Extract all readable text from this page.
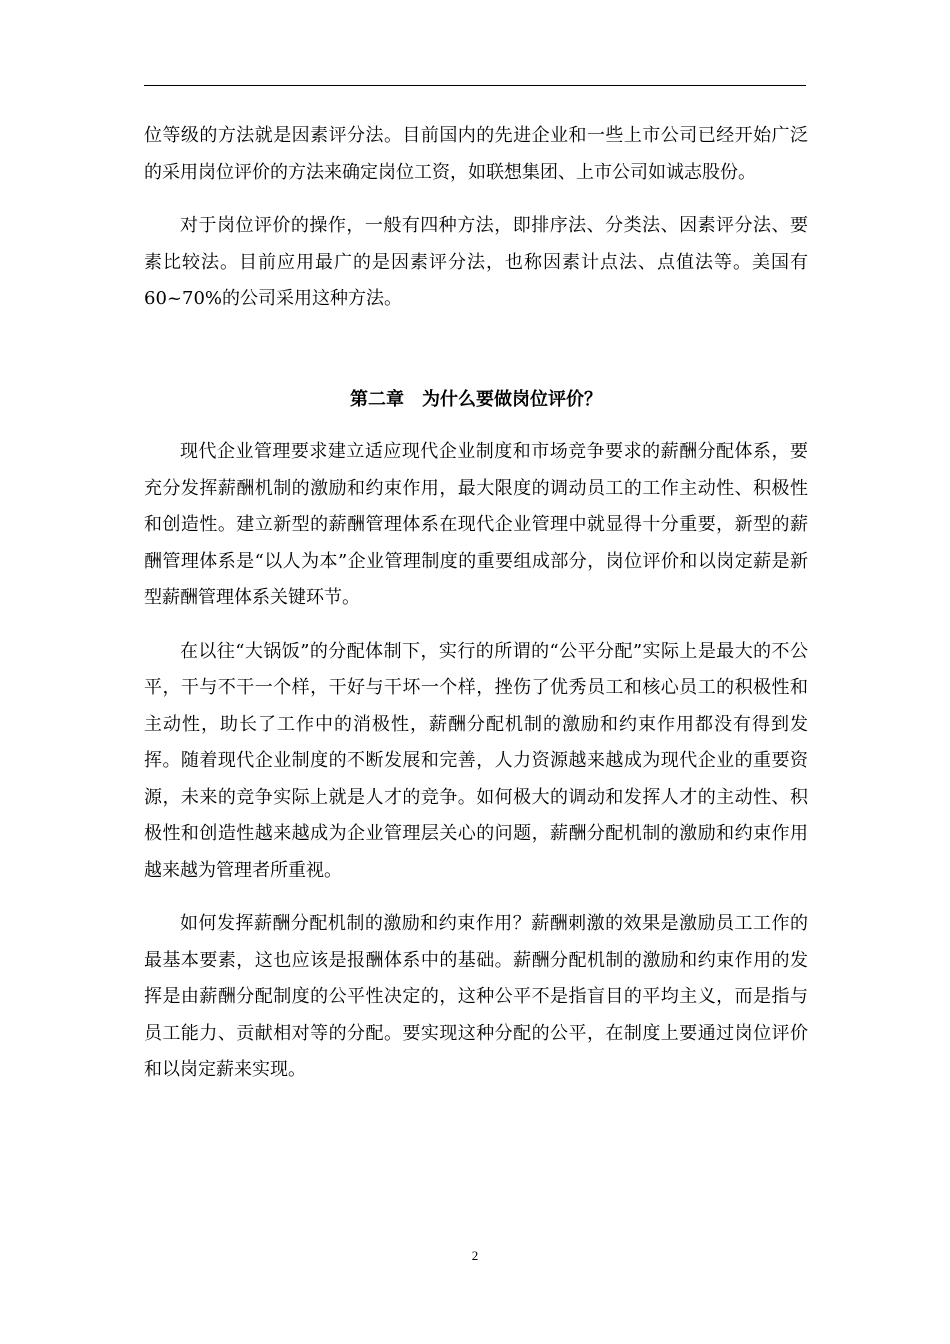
位等级的方法就是因素评分法。目前国内的先进企业和一些上市公司已经开始广泛的采用岗位评价的方法来确定岗位工资，如联想集团、上市公司如诚志股份。

对于岗位评价的操作，一般有四种方法，即排序法、分类法、因素评分法、要素比较法。目前应用最广的是因素评分法，也称因素计点法、点值法等。美国有 60~70%的公司采用这种方法。

第二章　为什么要做岗位评价？

现代企业管理要求建立适应现代企业制度和市场竞争要求的薪酬分配体系，要充分发挥薪酬机制的激励和约束作用，最大限度的调动员工的工作主动性、积极性和创造性。建立新型的薪酬管理体系在现代企业管理中就显得十分重要，新型的薪酬管理体系是“以人为本”企业管理制度的重要组成部分，岗位评价和以岗定薪是新型薪酬管理体系关键环节。

在以往“大锅饭”的分配体制下，实行的所谓的“公平分配”实际上是最大的不公平，干与不干一个样，干好与干坏一个样，挫伤了优秀员工和核心员工的积极性和主动性，助长了工作中的消极性，薪酬分配机制的激励和约束作用都没有得到发挥。随着现代企业制度的不断发展和完善，人力资源越来越成为现代企业的重要资源，未来的竞争实际上就是人才的竞争。如何极大的调动和发挥人才的主动性、积极性和创造性越来越成为企业管理层关心的问题，薪酬分配机制的激励和约束作用越来越为管理者所重视。

如何发挥薪酬分配机制的激励和约束作用？薪酬刺激的效果是激励员工工作的最基本要素，这也应该是报酬体系中的基础。薪酬分配机制的激励和约束作用的发挥是由薪酬分配制度的公平性决定的，这种公平不是指盲目的平均主义，而是指与员工能力、贡献相对等的分配。要实现这种分配的公平，在制度上要通过岗位评价和以岗定薪来实现。

2
